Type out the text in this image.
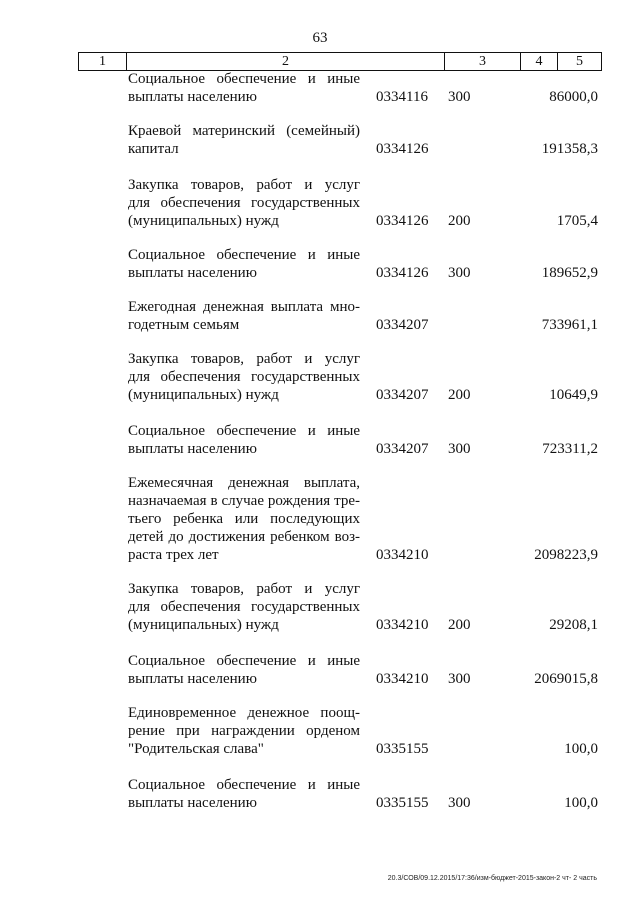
63
1	2	3	4	5
Социальное обеспечение и иные
выплаты населению	0334116 300	86000,0
Краевой материнский (семейный)
капитал	0334126	191358,3
Закупка товаров, работ и услуг
для обеспечения государственных
(муниципальных) нужд	0334126 200	1705,4
Социальное обеспечение и иные
выплаты населению	0334126 300	189652,9
Ежегодная денежная выплата мно-
годетным семьям	0334207	733961,1
Закупка товаров, работ и услуг
для обеспечения государственных
(муниципальных) нужд	0334207 200	10649,9
Социальное обеспечение и иные
выплаты населению	0334207 300	723311,2
Ежемесячная денежная выплата,
назначаемая в случае рождения тре-
тьего ребенка или последующих
детей до достижения ребенком воз-
раста трех лет	0334210	2098223,9
Закупка товаров, работ и услуг
для обеспечения государственных
(муниципальных) нужд	0334210 200	29208,1
Социальное обеспечение и иные
выплаты населению	0334210 300	2069015,8
Единовременное денежное поощ-
рение при награждении орденом
"Родительская слава"	0335155	100,0
Социальное обеспечение и иные
выплаты населению	0335155 300	100,0
20.3/СОВ/09.12.2015/17:36/изм-бюджет-2015-закон-2 чт- 2 часть
